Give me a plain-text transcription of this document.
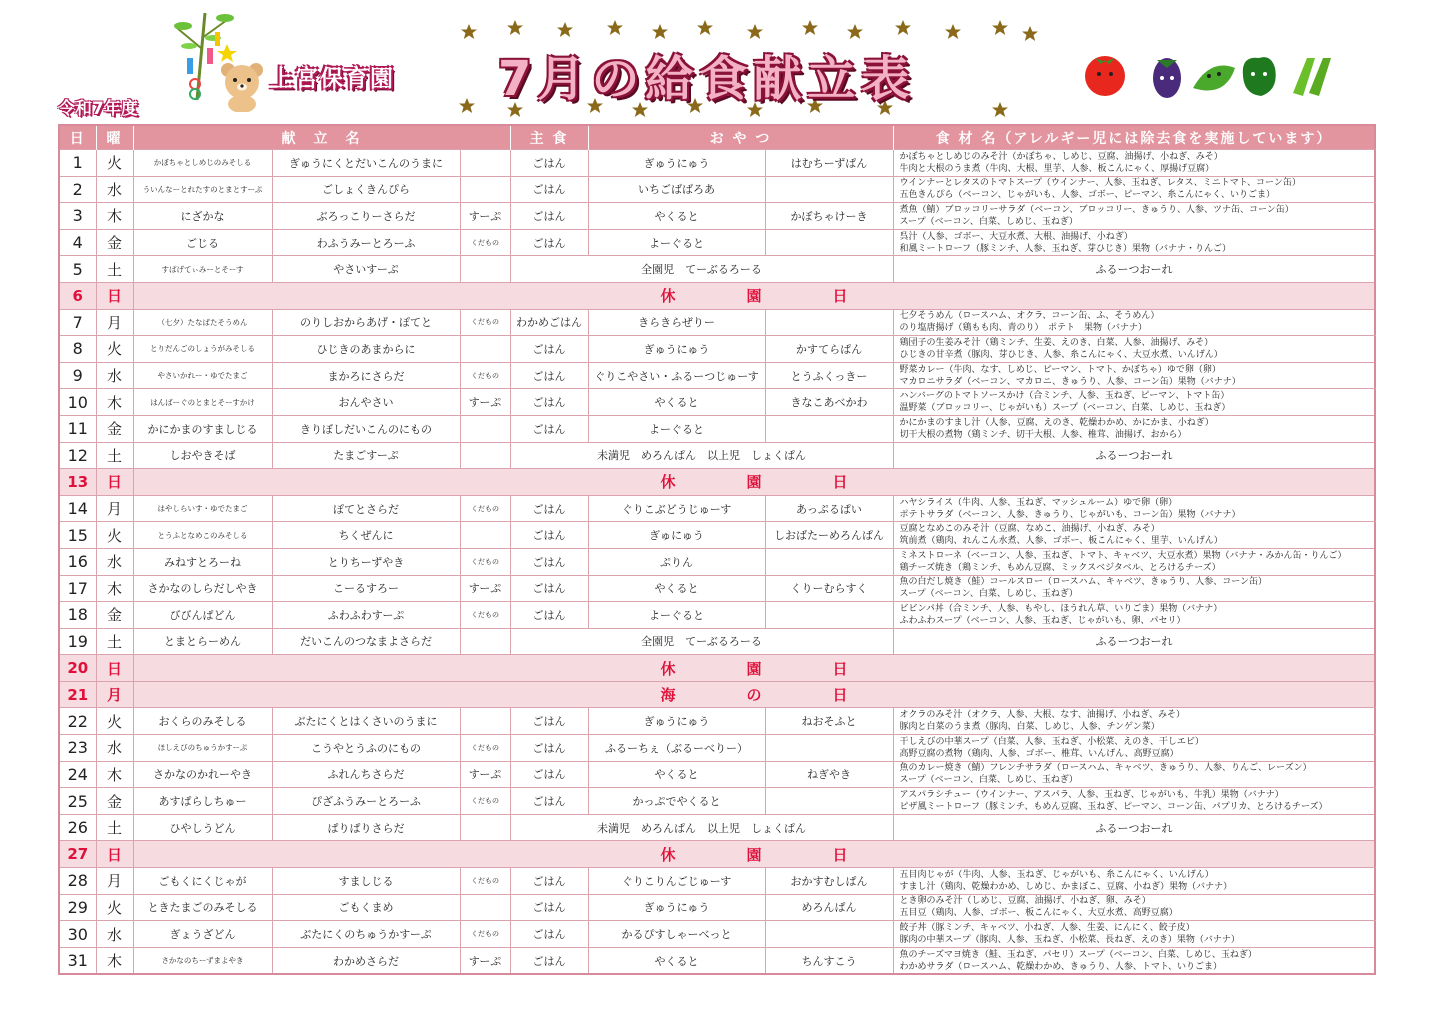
令和7年度
上宮保育園 7月の給食献立表
日	曜	献　立　名			主 食	お や つ		食 材 名（アレルギー児には除去食を実施しています）	
1	火	かぼちゃとしめじのみそしる	ぎゅうにくとだいこんのうまに		ごはん	ぎゅうにゅう	はむちーずぱん	かぼちゃとしめじのみそ汁（かぼちゃ、しめじ、豆腐、油揚げ、小ねぎ、みそ）
牛肉と大根のうま煮（牛肉、大根、里芋、人参、板こんにゃく、厚揚げ豆腐）	

2	水	ういんなーとれたすのとまとすーぷ	ごしょくきんぴら		ごはん	いちごばばろあ		ウインナーとレタスのトマトスープ（ウインナー、人参、玉ねぎ、レタス、ミニトマト、コーン缶）
五色きんぴら（ベーコン、じゃがいも、人参、ゴボー、ピーマン、糸こんにゃく、いりごま）	

3	木	にざかな	ぶろっこりーさらだ	すーぷ	ごはん	やくると	かぼちゃけーき	煮魚（鯖）ブロッコリーサラダ（ベーコン、ブロッコリー、きゅうり、人参、ツナ缶、コーン缶）
スープ（ベーコン、白菜、しめじ、玉ねぎ）	

4	金	ごじる	わふうみーとろーふ	くだもの	ごはん	よーぐると		呉汁（人参、ゴボー、大豆水煮、大根、油揚げ、小ねぎ）
和風ミートローフ（豚ミンチ、人参、玉ねぎ、芽ひじき）果物（バナナ・りんご）	

5	土	すぱげてぃみーとそーす	やさいすーぷ		全園児　てーぶるろーる			ふるーつおーれ	

6	日	休 園 日							
7	月	（七夕）たなばたそうめん	のりしおからあげ・ぽてと	くだもの	わかめごはん	きらきらぜりー		七夕そうめん（ロースハム、オクラ、コーン缶、ふ、そうめん）
のり塩唐揚げ（鶏もも肉、青のり）　ポテト　果物（バナナ）	

8	火	とりだんごのしょうがみそしる	ひじきのあまからに		ごはん	ぎゅうにゅう	かすてらぱん	鶏団子の生姜みそ汁（鶏ミンチ、生姜、えのき、白菜、人参、油揚げ、みそ）
ひじきの甘辛煮（豚肉、芽ひじき、人参、糸こんにゃく、大豆水煮、いんげん）	

9	水	やさいかれー・ゆでたまご	まかろにさらだ	くだもの	ごはん	ぐりこやさい・ふるーつじゅーす	とうふくっきー	野菜カレー（牛肉、なす、しめじ、ピーマン、トマト、かぼちゃ）ゆで卵（卵）
マカロニサラダ（ベーコン、マカロニ、きゅうり、人参、コーン缶）果物（バナナ）	

10	木	はんばーぐのとまとそーすかけ	おんやさい	すーぷ	ごはん	やくると	きなこあべかわ	ハンバーグのトマトソースかけ（合ミンチ、人参、玉ねぎ、ピーマン、トマト缶）
温野菜（ブロッコリー、じゃがいも）スープ（ベーコン、白菜、しめじ、玉ねぎ）	

11	金	かにかまのすましじる	きりぼしだいこんのにもの		ごはん	よーぐると		かにかまのすまし汁（人参、豆腐、えのき、乾燥わかめ、かにかま、小ねぎ）
切干大根の煮物（鶏ミンチ、切干大根、人参、椎茸、油揚げ、おから）	

12	土	しおやきそば	たまごすーぷ		未満児　めろんぱん　以上児　しょくぱん			ふるーつおーれ	

13	日	休 園 日							
14	月	はやしらいす・ゆでたまご	ぽてとさらだ	くだもの	ごはん	ぐりこぶどうじゅーす	あっぷるぱい	ハヤシライス（牛肉、人参、玉ねぎ、マッシュルーム）ゆで卵（卵）
ポテトサラダ（ベーコン、人参、きゅうり、じゃがいも、コーン缶）果物（バナナ）	

15	火	とうふとなめこのみそしる	ちくぜんに		ごはん	ぎゅにゅう	しおばたーめろんぱん	豆腐となめこのみそ汁（豆腐、なめこ、油揚げ、小ねぎ、みそ）
筑前煮（鶏肉、れんこん水煮、人参、ゴボー、板こんにゃく、里芋、いんげん）	

16	水	みねすとろーね	とりちーずやき	くだもの	ごはん	ぷりん		ミネストローネ（ベーコン、人参、玉ねぎ、トマト、キャベツ、大豆水煮）果物（バナナ・みかん缶・りんご）
鶏チーズ焼き（鶏ミンチ、もめん豆腐、ミックスベジタベル、とろけるチーズ）	

17	木	さかなのしらだしやき	こーるすろー	すーぷ	ごはん	やくると	くりーむらすく	魚の白だし焼き（鮭）コールスロー（ロースハム、キャベツ、きゅうり、人参、コーン缶）
スープ（ベーコン、白菜、しめじ、玉ねぎ）	

18	金	びびんぱどん	ふわふわすーぷ	くだもの	ごはん	よーぐると		ビビンパ丼（合ミンチ、人参、もやし、ほうれん草、いりごま）果物（バナナ）
ふわふわスープ（ベーコン、人参、玉ねぎ、じゃがいも、卵、パセリ）	

19	土	とまとらーめん	だいこんのつなまよさらだ		全園児　てーぶるろーる			ふるーつおーれ	

20	日	休 園 日							
21	月	海 の 日							
22	火	おくらのみそしる	ぶたにくとはくさいのうまに		ごはん	ぎゅうにゅう	ねおそふと	オクラのみそ汁（オクラ、人参、大根、なす、油揚げ、小ねぎ、みそ）
豚肉と白菜のうま煮（豚肉、白菜、しめじ、人参、チンゲン菜）	

23	水	ほしえびのちゅうかすーぷ	こうやとうふのにもの	くだもの	ごはん	ふるーちぇ（ぶるーべりー）		干しえびの中華スープ（白菜、人参、玉ねぎ、小松菜、えのき、干しエビ）
高野豆腐の煮物（鶏肉、人参、ゴボー、椎茸、いんげん、高野豆腐）	

24	木	さかなのかれーやき	ふれんちさらだ	すーぷ	ごはん	やくると	ねぎやき	魚のカレー焼き（鯖）フレンチサラダ（ロースハム、キャベツ、きゅうり、人参、りんご、レーズン）
スープ（ベーコン、白菜、しめじ、玉ねぎ）	

25	金	あすぱらしちゅー	ぴざふうみーとろーふ	くだもの	ごはん	かっぷでやくると		アスパラシチュー（ウインナー、アスパラ、人参、玉ねぎ、じゃがいも、牛乳）果物（バナナ）
ピザ風ミートローフ（豚ミンチ、もめん豆腐、玉ねぎ、ピーマン、コーン缶、パプリカ、とろけるチーズ）	

26	土	ひやしうどん	ぱりぱりさらだ		未満児　めろんぱん　以上児　しょくぱん			ふるーつおーれ	

27	日	休 園 日							
28	月	ごもくにくじゃが	すましじる	くだもの	ごはん	ぐりこりんごじゅーす	おかすむしぱん	五目肉じゃが（牛肉、人参、玉ねぎ、じゃがいも、糸こんにゃく、いんげん）
すまし汁（鶏肉、乾燥わかめ、しめじ、かまぼこ、豆腐、小ねぎ）果物（バナナ）	

29	火	ときたまごのみそしる	ごもくまめ		ごはん	ぎゅうにゅう	めろんぱん	とき卵のみそ汁（しめじ、豆腐、油揚げ、小ねぎ、卵、みそ）
五目豆（鶏肉、人参、ゴボー、板こんにゃく、大豆水煮、高野豆腐）	

30	水	ぎょうざどん	ぶたにくのちゅうかすーぷ	くだもの	ごはん	かるぴすしゃーべっと		餃子丼（豚ミンチ、キャベツ、小ねぎ、人参、生姜、にんにく、餃子皮）
豚肉の中華スープ（豚肉、人参、玉ねぎ、小松菜、長ねぎ、えのき）果物（バナナ）	

31	木	さかなのちーずまよやき	わかめさらだ	すーぷ	ごはん	やくると	ちんすこう	魚のチーズマヨ焼き（鮭、玉ねぎ、パセリ）スープ（ベーコン、白菜、しめじ、玉ねぎ）
わかめサラダ（ロースハム、乾燥わかめ、きゅうり、人参、トマト、いりごま）	
